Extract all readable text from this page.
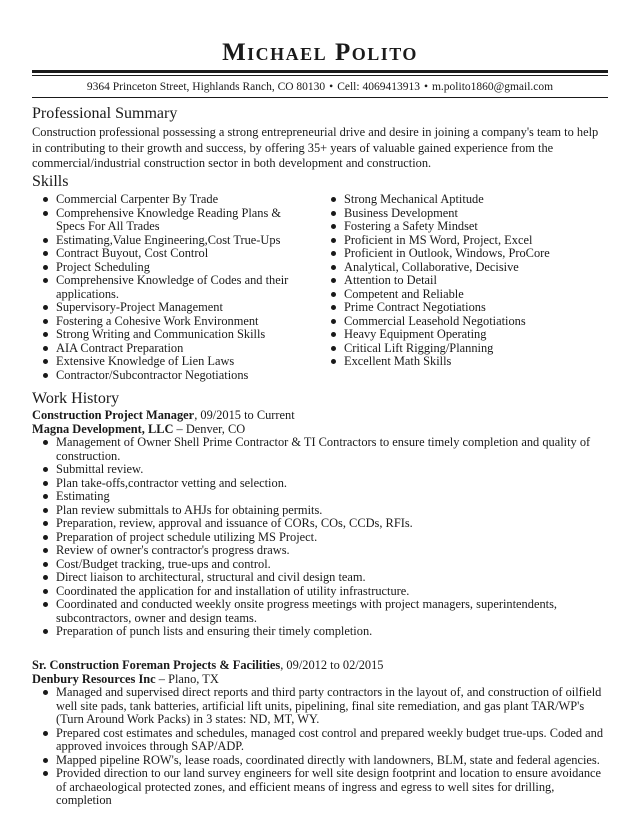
Michael Polito
9364 Princeton Street, Highlands Ranch, CO 80130 • Cell: 4069413913 • m.polito1860@gmail.com
Professional Summary
Construction professional possessing a strong entrepreneurial drive and desire in joining a company's team to help in contributing to their growth and success, by offering 35+ years of valuable gained experience from the commercial/industrial construction sector in both development and construction.
Skills
Commercial Carpenter By Trade
Comprehensive Knowledge Reading Plans & Specs For All Trades
Estimating,Value Engineering,Cost True-Ups
Contract Buyout, Cost Control
Project Scheduling
Comprehensive Knowledge of Codes and their applications.
Supervisory-Project Management
Fostering a Cohesive Work Environment
Strong Writing and Communication Skills
AIA Contract Preparation
Extensive Knowledge of Lien Laws
Contractor/Subcontractor Negotiations
Strong Mechanical Aptitude
Business Development
Fostering a Safety Mindset
Proficient in MS Word, Project, Excel
Proficient in Outlook, Windows, ProCore
Analytical, Collaborative, Decisive
Attention to Detail
Competent and Reliable
Prime Contract Negotiations
Commercial Leasehold Negotiations
Heavy Equipment Operating
Critical Lift Rigging/Planning
Excellent Math Skills
Work History
Construction Project Manager, 09/2015 to Current
Magna Development, LLC – Denver, CO
Management of Owner Shell Prime Contractor & TI Contractors to ensure timely completion and quality of construction.
Submittal review.
Plan take-offs,contractor vetting and selection.
Estimating
Plan review submittals to AHJs for obtaining permits.
Preparation, review, approval and issuance of CORs, COs, CCDs, RFIs.
Preparation of project schedule utilizing MS Project.
Review of owner's contractor's progress draws.
Cost/Budget tracking, true-ups and control.
Direct liaison to architectural, structural and civil design team.
Coordinated the application for and installation of utility infrastructure.
Coordinated and conducted weekly onsite progress meetings with project managers, superintendents, subcontractors, owner and design teams.
Preparation of punch lists and ensuring their timely completion.
Sr. Construction Foreman Projects & Facilities, 09/2012 to 02/2015
Denbury Resources Inc – Plano, TX
Managed and supervised direct reports and third party contractors in the layout of, and construction of oilfield well site pads, tank batteries, artificial lift units, pipelining, final site remediation, and gas plant TAR/WP's (Turn Around Work Packs) in 3 states: ND, MT, WY.
Prepared cost estimates and schedules, managed cost control and prepared weekly budget true-ups. Coded and approved invoices through SAP/ADP.
Mapped pipeline ROW's, lease roads, coordinated directly with landowners, BLM, state and federal agencies.
Provided direction to our land survey engineers for well site design footprint and location to ensure avoidance of archaeological protected zones, and efficient means of ingress and egress to well sites for drilling, completion
